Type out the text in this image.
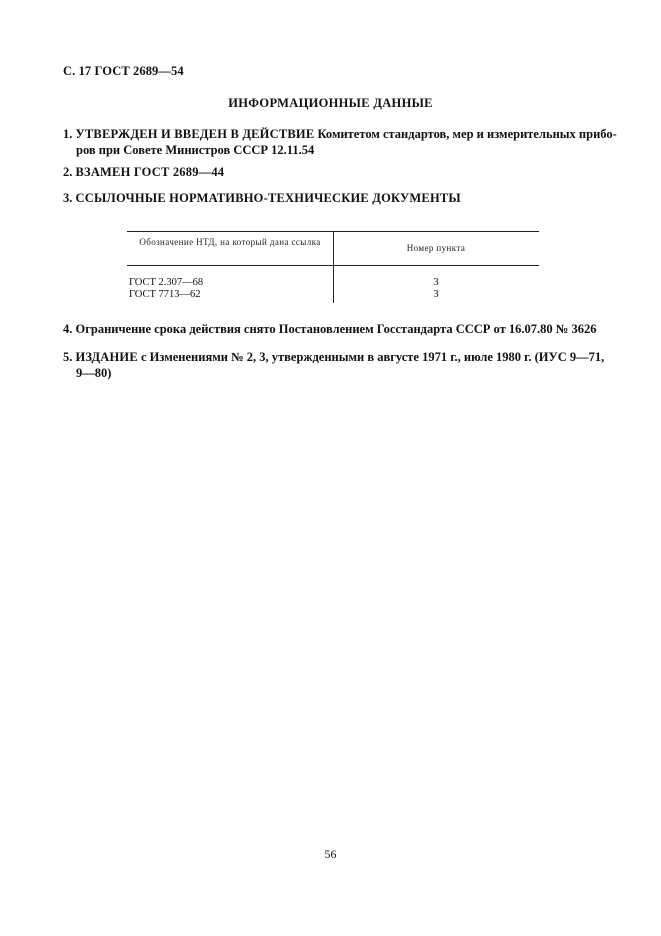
С. 17 ГОСТ 2689—54
ИНФОРМАЦИОННЫЕ ДАННЫЕ
1. УТВЕРЖДЕН И ВВЕДЕН В ДЕЙСТВИЕ Комитетом стандартов, мер и измерительных прибо-
ров при Совете Министров СССР 12.11.54
2. ВЗАМЕН ГОСТ 2689—44
3. ССЫЛОЧНЫЕ НОРМАТИВНО-ТЕХНИЧЕСКИЕ ДОКУМЕНТЫ
Обозначение НТД, на который дана ссылка
Номер пункта
ГОСТ 2.307—68	3
ГОСТ 7713—62	3
4. Ограничение срока действия снято Постановлением Госстандарта СССР от 16.07.80 № 3626
5. ИЗДАНИЕ с Изменениями № 2, 3, утвержденными в августе 1971 г., июле 1980 г. (ИУС 9—71,
9—80)
56
